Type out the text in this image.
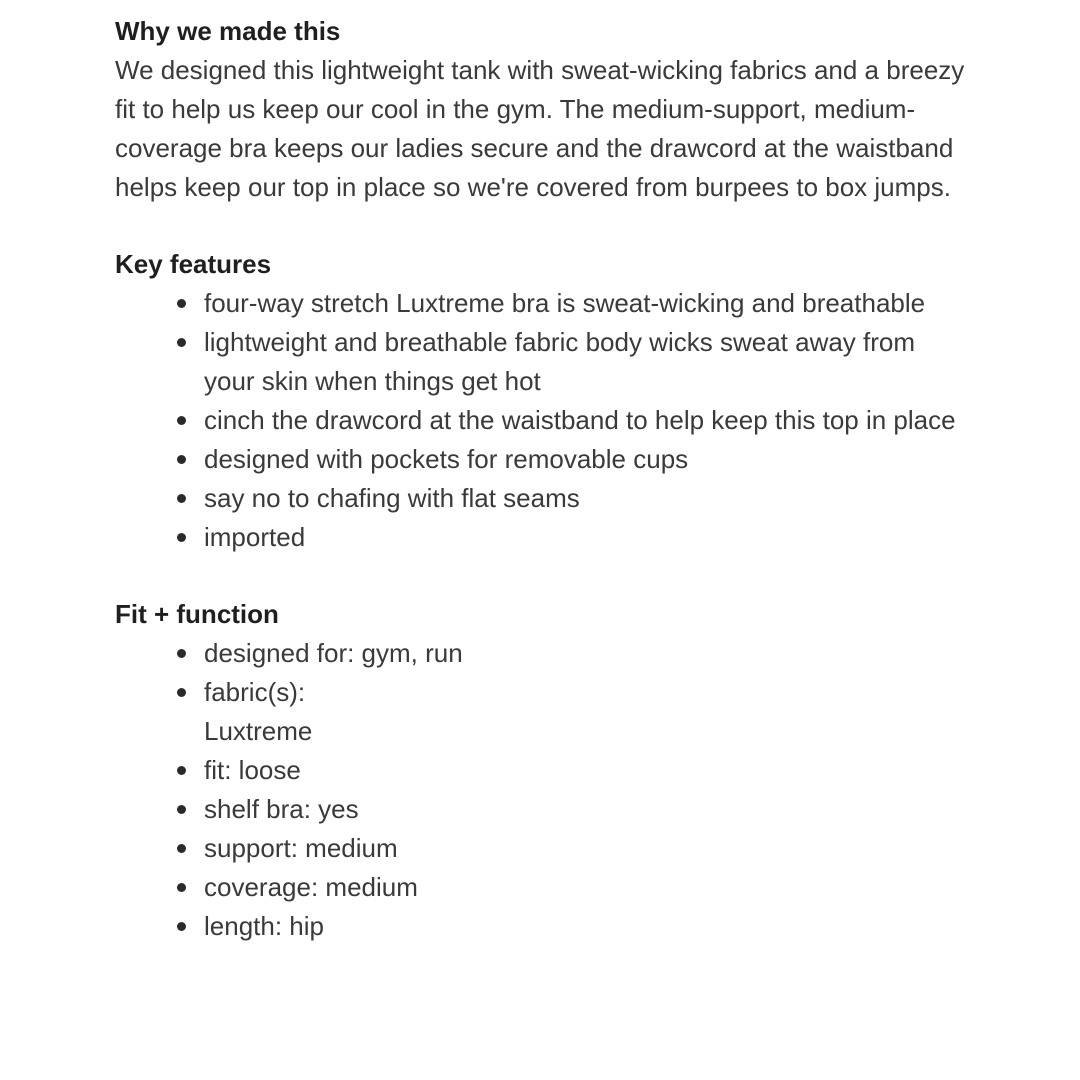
Why we made this

We designed this lightweight tank with sweat-wicking fabrics and a breezy fit to help us keep our cool in the gym. The medium-support, medium-coverage bra keeps our ladies secure and the drawcord at the waistband helps keep our top in place so we're covered from burpees to box jumps.

Key features
four-way stretch Luxtreme bra is sweat-wicking and breathable
lightweight and breathable fabric body wicks sweat away from your skin when things get hot
cinch the drawcord at the waistband to help keep this top in place
designed with pockets for removable cups
say no to chafing with flat seams
imported
Fit + function
designed for: gym, run
fabric(s):
Luxtreme
fit: loose
shelf bra: yes
support: medium
coverage: medium
length: hip
